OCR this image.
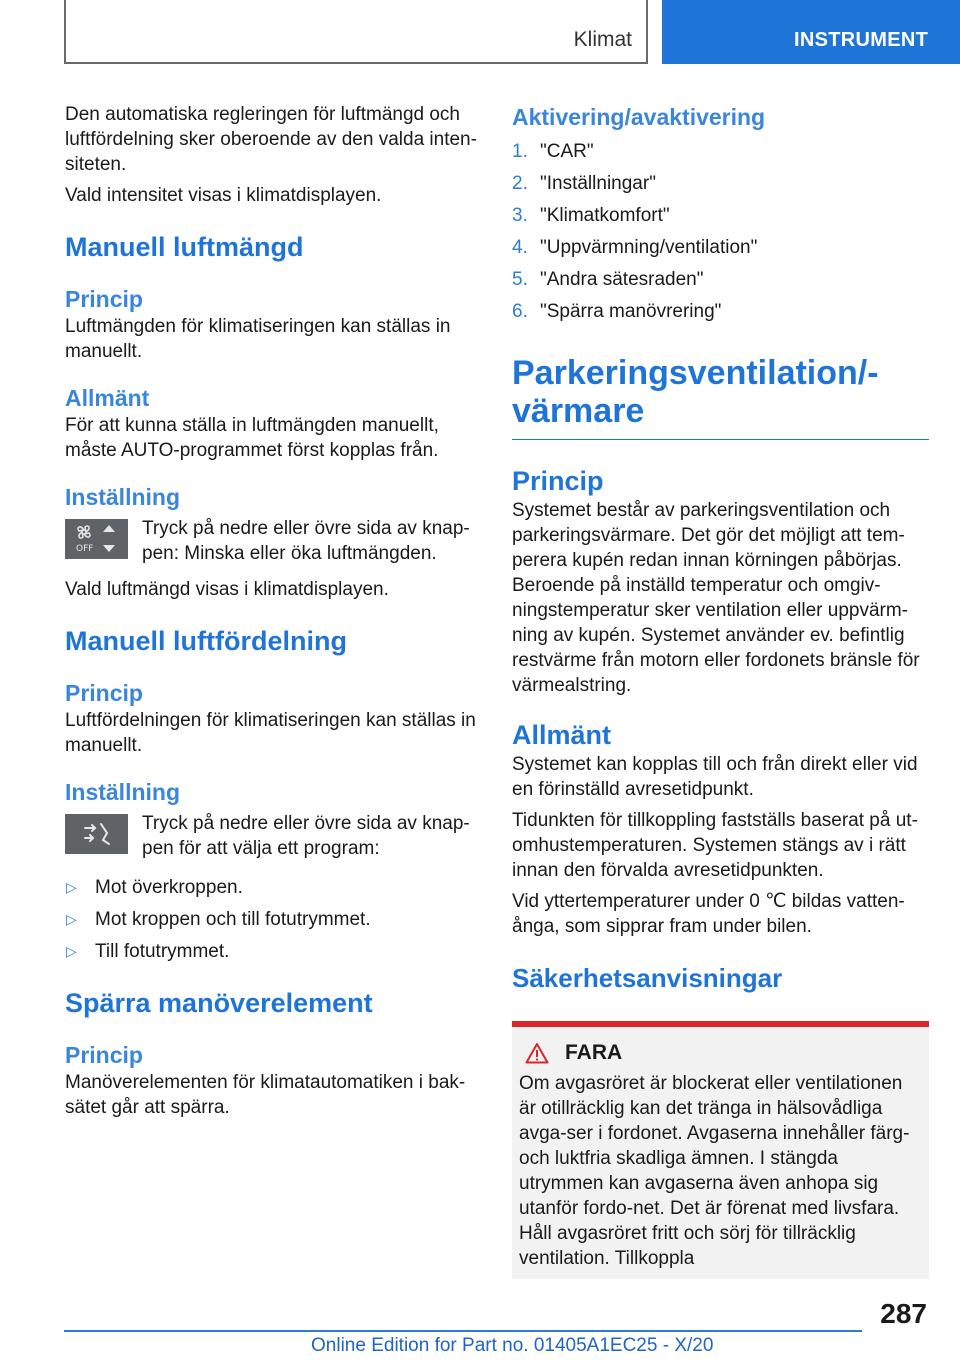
Klimat	INSTRUMENT

Den automatiska regleringen för luftmängd och luftfördelning sker oberoende av den valda inten-siteten.

Vald intensitet visas i klimatdisplayen.

Manuell luftmängd
Princip

Luftmängden för klimatiseringen kan ställas in manuellt.

Allmänt

För att kunna ställa in luftmängden manuellt, måste AUTO-programmet först kopplas från.

Inställning
OFF

Tryck på nedre eller övre sida av knap-pen: Minska eller öka luftmängden.

Vald luftmängd visas i klimatdisplayen.

Manuell luftfördelning
Princip

Luftfördelningen för klimatiseringen kan ställas in manuellt.

Inställning

Tryck på nedre eller övre sida av knap-pen för att välja ett program:

▷ Mot överkroppen.
▷ Mot kroppen och till fotutrymmet.
▷ Till fotutrymmet.
Spärra manöverelement
Princip

Manöverelementen för klimatautomatiken i bak-sätet går att spärra.

Aktivering/avaktivering
1. "CAR"
2. "Inställningar"
3. "Klimatkomfort"
4. "Uppvärmning/ventilation"
5. "Andra sätesraden"
6. "Spärra manövrering"
Parkeringsventilation/-
värmare
Princip

Systemet består av parkeringsventilation och parkeringsvärmare. Det gör det möjligt att tem-perera kupén redan innan körningen påbörjas. Beroende på inställd temperatur och omgiv-ningstemperatur sker ventilation eller uppvärm-ning av kupén. Systemet använder ev. befintlig restvärme från motorn eller fordonets bränsle för värmealstring.

Allmänt

Systemet kan kopplas till och från direkt eller vid en förinställd avresetidpunkt.

Tidunkten för tillkoppling fastställs baserat på ut-omhustemperaturen. Systemen stängs av i rätt innan den förvalda avresetidpunkten.

Vid yttertemperaturer under 0 ℃ bildas vatten-ånga, som sipprar fram under bilen.

Säkerhetsanvisningar
FARA

Om avgasröret är blockerat eller ventilationen är otillräcklig kan det tränga in hälsovådliga avga-ser i fordonet. Avgaserna innehåller färg- och luktfria skadliga ämnen. I stängda utrymmen kan avgaserna även anhopa sig utanför fordo-net. Det är förenat med livsfara. Håll avgasröret fritt och sörj för tillräcklig ventilation. Tillkoppla

287
Online Edition for Part no. 01405A1EC25 - X/20
